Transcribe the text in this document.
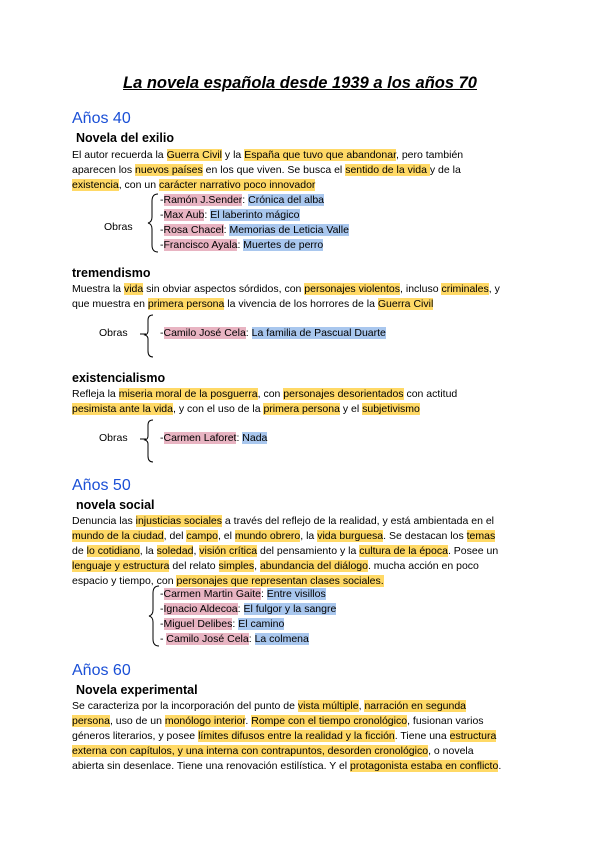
La novela española desde 1939 a los años 70
Años 40
Novela del exilio
El autor recuerda la Guerra Civil y la España que tuvo que abandonar, pero también
aparecen los nuevos países en los que viven. Se busca el sentido de la vida y de la
existencia, con un carácter narrativo poco innovador
Obras
-Ramón J.Sender: Crónica del alba
-Max Aub: El laberinto mágico
-Rosa Chacel: Memorias de Leticia Valle
-Francisco Ayala: Muertes de perro
tremendismo
Muestra la vida sin obviar aspectos sórdidos, con personajes violentos, incluso criminales, y
que muestra en primera persona la vivencia de los horrores de la Guerra Civil
Obras	-Camilo José Cela: La familia de Pascual Duarte
existencialismo
Refleja la miseria moral de la posguerra, con personajes desorientados con actitud
pesimista ante la vida, y con el uso de la primera persona y el subjetivismo
Obras	-Carmen Laforet: Nada
Años 50
novela social
Denuncia las injusticias sociales a través del reflejo de la realidad, y está ambientada en el
mundo de la ciudad, del campo, el mundo obrero, la vida burguesa. Se destacan los temas
de lo cotidiano, la soledad, visión crítica del pensamiento y la cultura de la época. Posee un
lenguaje y estructura del relato simples, abundancia del diálogo. mucha acción en poco
espacio y tiempo, con personajes que representan clases sociales.
-Carmen Martin Gaite: Entre visillos
-Ignacio Aldecoa: El fulgor y la sangre
-Miguel Delibes: El camino
- Camilo José Cela: La colmena
Años 60
Novela experimental
Se caracteriza por la incorporación del punto de vista múltiple, narración en segunda
persona, uso de un monólogo interior. Rompe con el tiempo cronológico, fusionan varios
géneros literarios, y posee límites difusos entre la realidad y la ficción. Tiene una estructura
externa con capítulos, y una interna con contrapuntos, desorden cronológico, o novela
abierta sin desenlace. Tiene una renovación estilística. Y el protagonista estaba en conflicto.
